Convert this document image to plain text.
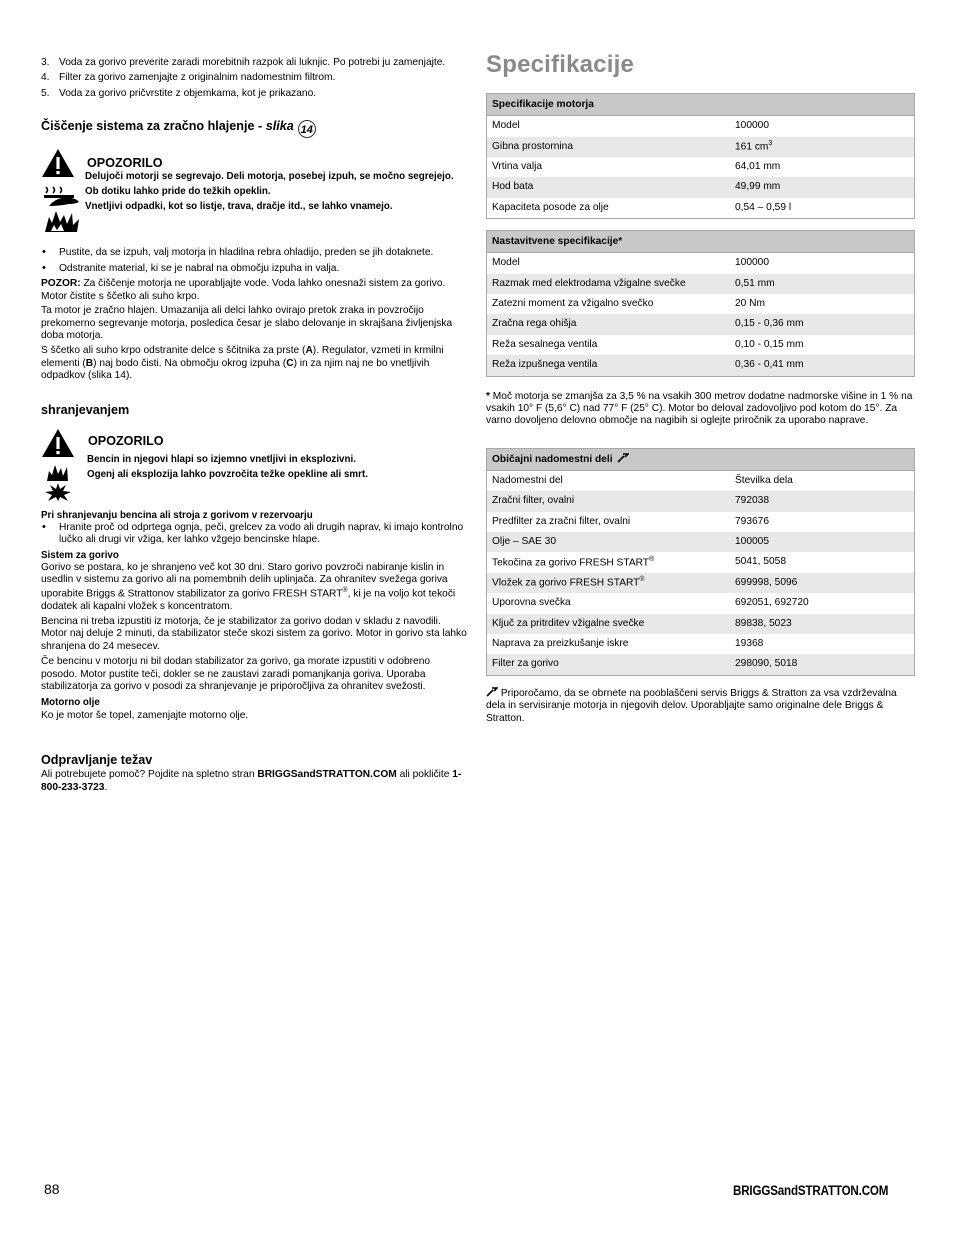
3. Voda za gorivo preverite zaradi morebitnih razpok ali luknjic. Po potrebi ju zamenjajte.
4. Filter za gorivo zamenjajte z originalnim nadomestnim filtrom.
5. Voda za gorivo pričvrstite z objemkama, kot je prikazano.
Čiščenje sistema za zračno hlajenje - slika 14
OPOZORILO

Delujoči motorji se segrevajo. Deli motorja, posebej izpuh, se močno segrejejo.

Ob dotiku lahko pride do težkih opeklin.

Vnetljivi odpadki, kot so listje, trava, dračje itd., se lahko vnamejo.

• Pustite, da se izpuh, valj motorja in hladilna rebra ohladijo, preden se jih dotaknete.
• Odstranite material, ki se je nabral na območju izpuha in valja.

POZOR: Za čiščenje motorja ne uporabljajte vode. Voda lahko onesnaži sistem za gorivo. Motor čistite s ščetko ali suho krpo.

Ta motor je zračno hlajen. Umazanija ali delci lahko ovirajo pretok zraka in povzročijo prekomerno segrevanje motorja, posledica česar je slabo delovanje in skrajšana življenjska doba motorja.

S ščetko ali suho krpo odstranite delce s ščitnika za prste (A). Regulator, vzmeti in krmilni elementi (B) naj bodo čisti. Na območju okrog izpuha (C) in za njim naj ne bo vnetljivih odpadkov (slika 14).

shranjevanjem
OPOZORILO

Bencin in njegovi hlapi so izjemno vnetljivi in eksplozivni.

Ogenj ali eksplozija lahko povzročita težke opekline ali smrt.

Pri shranjevanju bencina ali stroja z gorivom v rezervoarju

• Hranite proč od odprtega ognja, peči, grelcev za vodo ali drugih naprav, ki imajo kontrolno lučko ali drugi vir vžiga, ker lahko vžgejo bencinske hlape.

Sistem za gorivo

Gorivo se postara, ko je shranjeno več kot 30 dni. Staro gorivo povzroči nabiranje kislin in usedlin v sistemu za gorivo ali na pomembnih delih uplinjača. Za ohranitev svežega goriva uporabite Briggs & Strattonov stabilizator za gorivo FRESH START®, ki je na voljo kot tekoči dodatek ali kapalni vložek s koncentratom.

Bencina ni treba izpustiti iz motorja, če je stabilizator za gorivo dodan v skladu z navodili. Motor naj deluje 2 minuti, da stabilizator steče skozi sistem za gorivo. Motor in gorivo sta lahko shranjena do 24 mesecev.

Če bencinu v motorju ni bil dodan stabilizator za gorivo, ga morate izpustiti v odobreno posodo. Motor pustite teči, dokler se ne zaustavi zaradi pomanjkanja goriva. Uporaba stabilizatorja za gorivo v posodi za shranjevanje je priporočljiva za ohranitev svežosti.

Motorno olje

Ko je motor še topel, zamenjajte motorno olje.

Odpravljanje težav

Ali potrebujete pomoč? Pojdite na spletno stran BRIGGSandSTRATTON.COM ali pokličite 1-800-233-3723.

Specifikacije
Specifikacije motorja	
Model	100000
Gibna prostornina	161 $cm^3$
Vrtina valja	64,01 mm
Hod bata	49,99 mm
Kapaciteta posode za olje	0,54 – 0,59 l
Nastavitvene specifikacije*	
Model	100000
Razmak med elektrodama vžigalne svečke	0,51 mm
Zatezni moment za vžigalno svečko	20 Nm
Zračna rega ohišja	0,15 - 0,36 mm
Reža sesalnega ventila	0,10 - 0,15 mm
Reža izpušnega ventila	0,36 - 0,41 mm

* Moč motorja se zmanjša za 3,5 % na vsakih 300 metrov dodatne nadmorske višine in 1 % na vsakih 10° F (5,6° C) nad 77° F (25° C). Motor bo deloval zadovoljivo pod kotom do 15°. Za varno dovoljeno delovno območje na nagibih si oglejte priročnik za uporabo naprave.

Običajni nadomestni deli	
Nadomestni del	Številka dela
Zračni filter, ovalni	792038
Predfilter za zračni filter, ovalni	793676
Olje – SAE 30	100005
Tekočina za gorivo FRESH START®	5041, 5058
Vložek za gorivo FRESH START®	699998, 5096
Uporovna svečka	692051, 692720
Ključ za pritrditev vžigalne svečke	89838, 5023
Naprava za preizkušanje iskre	19368
Filter za gorivo	298090, 5018

Priporočamo, da se obrnete na pooblaščeni servis Briggs & Stratton za vsa vzdrževalna dela in servisiranje motorja in njegovih delov. Uporabljajte samo originalne dele Briggs & Stratton.

88	BRIGGSandSTRATTON.COM
